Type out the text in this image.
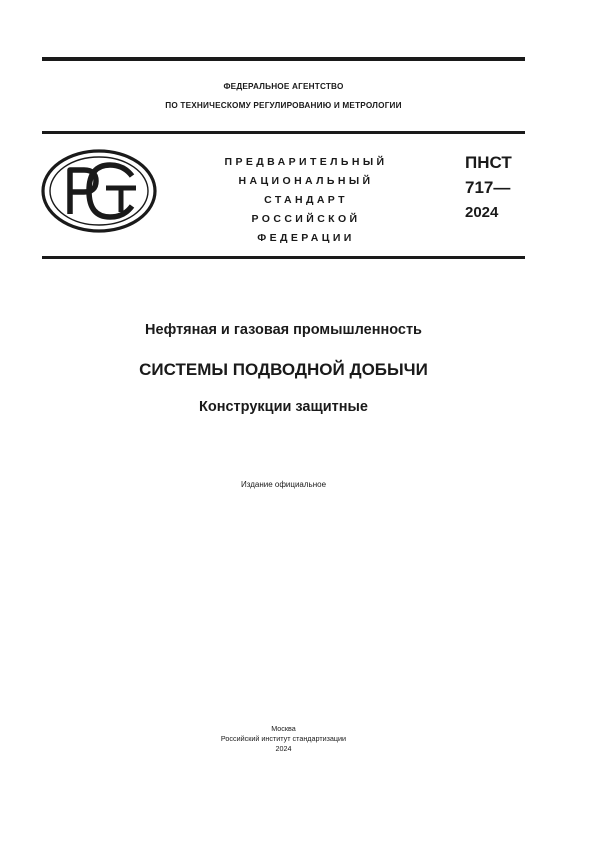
ФЕДЕРАЛЬНОЕ АГЕНТСТВО

ПО ТЕХНИЧЕСКОМУ РЕГУЛИРОВАНИЮ И МЕТРОЛОГИИ

ПРЕДВАРИТЕЛЬНЫЙ
НАЦИОНАЛЬНЫЙ
СТАНДАРТ
РОССИЙСКОЙ
ФЕДЕРАЦИИ

ПНСТ
717—
2024

Нефтяная и газовая промышленность
СИСТЕМЫ ПОДВОДНОЙ ДОБЫЧИ
Конструкции защитные

Издание официальное

Москва
Российский институт стандартизации
2024
